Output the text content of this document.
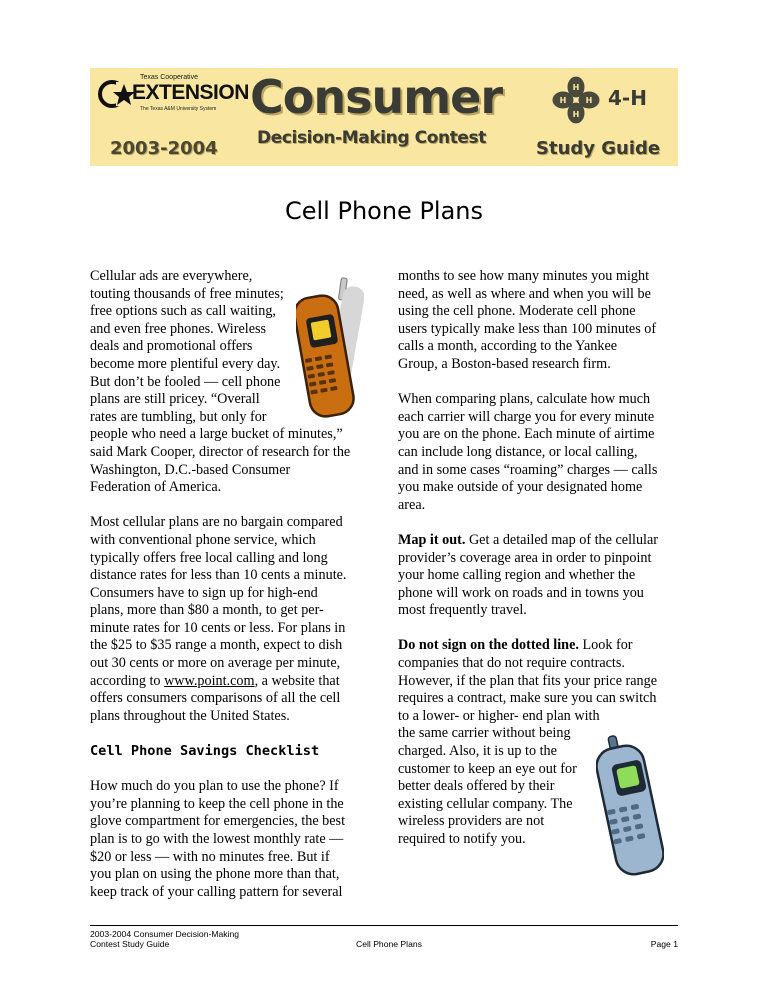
Texas Cooperative
EXTENSION
The Texas A&M University System Consumer
Decision-Making Contest
2003-2004
H
H
H H 4-H
Study Guide
Cell Phone Plans

Cellular ads are everywhere,

touting thousands of free minutes;

free options such as call waiting,

and even free phones. Wireless

deals and promotional offers

become more plentiful every day.

But don’t be fooled — cell phone

plans are still pricey. “Overall

rates are tumbling, but only for

people who need a large bucket of minutes,”

said Mark Cooper, director of research for the

Washington, D.C.-based Consumer

Federation of America.

Most cellular plans are no bargain compared

with conventional phone service, which

typically offers free local calling and long

distance rates for less than 10 cents a minute.

Consumers have to sign up for high-end

plans, more than $80 a month, to get per-

minute rates for 10 cents or less. For plans in

the $25 to $35 range a month, expect to dish

out 30 cents or more on average per minute,

according to www.point.com, a website that

offers consumers comparisons of all the cell

plans throughout the United States.

Cell Phone Savings Checklist

How much do you plan to use the phone? If

you’re planning to keep the cell phone in the

glove compartment for emergencies, the best

plan is to go with the lowest monthly rate —

$20 or less — with no minutes free. But if

you plan on using the phone more than that,

keep track of your calling pattern for several

months to see how many minutes you might

need, as well as where and when you will be

using the cell phone. Moderate cell phone

users typically make less than 100 minutes of

calls a month, according to the Yankee

Group, a Boston-based research firm.

When comparing plans, calculate how much

each carrier will charge you for every minute

you are on the phone. Each minute of airtime

can include long distance, or local calling,

and in some cases “roaming” charges — calls

you make outside of your designated home

area.

Map it out. Get a detailed map of the cellular

provider’s coverage area in order to pinpoint

your home calling region and whether the

phone will work on roads and in towns you

most frequently travel.

Do not sign on the dotted line. Look for

companies that do not require contracts.

However, if the plan that fits your price range

requires a contract, make sure you can switch

to a lower- or higher- end plan with

the same carrier without being

charged. Also, it is up to the

customer to keep an eye out for

better deals offered by their

existing cellular company. The

wireless providers are not

required to notify you.

2003-2004 Consumer Decision-Making
Contest Study Guide	Cell Phone Plans	Page 1
